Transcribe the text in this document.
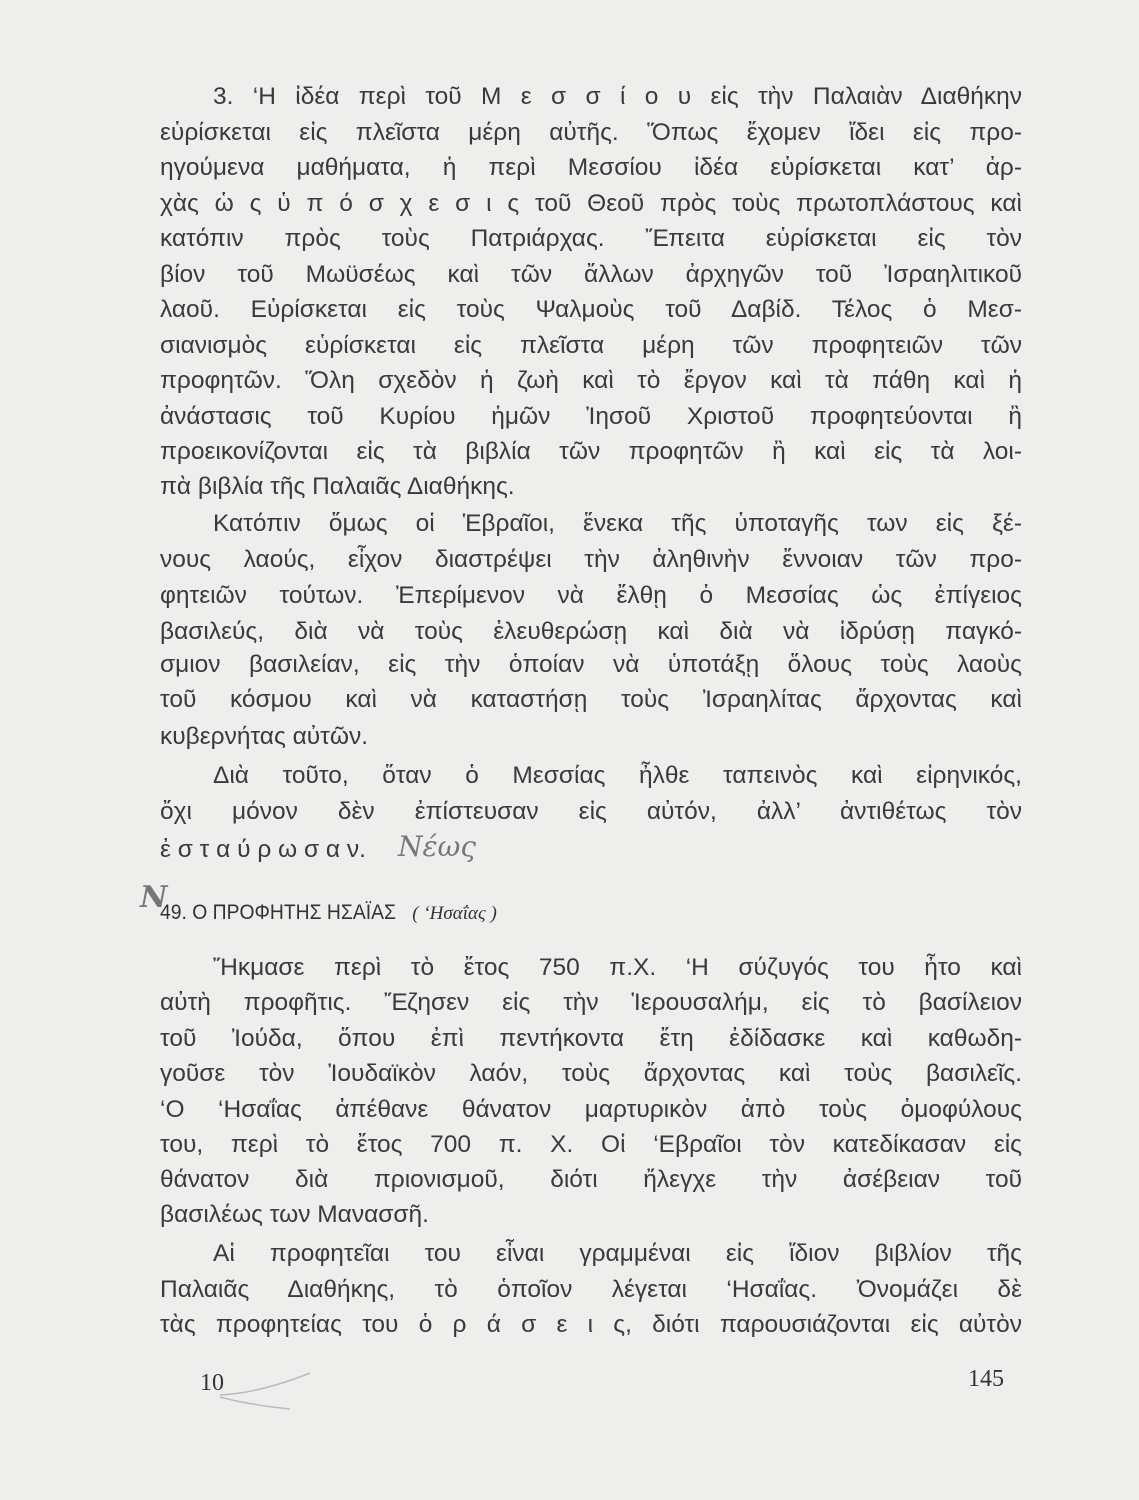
49. Ο ΠΡΟΦΗΤΗΣ ΗΣΑΪΑΣ ( ‘Ησαΐας )
Νέως
Ν
10	145
3. ‘Η ἰδέα περὶ τοῦ Μ ε σ σ ί ο υ εἰς τὴν Παλαιὰν Διαθήκην
εὑρίσκεται εἰς πλεῖστα μέρη αὐτῆς. Ὅπως ἔχομεν ἴδει εἰς προ-
ηγούμενα μαθήματα, ἡ περὶ Μεσσίου ἰδέα εὑρίσκεται κατ’ ἀρ-
χὰς ὡ ς ὑ π ό σ χ ε σ ι ς τοῦ Θεοῦ πρὸς τοὺς πρωτοπλάστους καὶ
κατόπιν πρὸς τοὺς Πατριάρχας. Ἔπειτα εὑρίσκεται εἰς τὸν
βίον τοῦ Μωϋσέως καὶ τῶν ἄλλων ἀρχηγῶν τοῦ Ἰσραηλιτικοῦ
λαοῦ. Εὑρίσκεται εἰς τοὺς Ψαλμοὺς τοῦ Δαβίδ. Τέλος ὁ Μεσ-
σιανισμὸς εὑρίσκεται εἰς πλεῖστα μέρη τῶν προφητειῶν τῶν
προφητῶν. Ὅλη σχεδὸν ἡ ζωὴ καὶ τὸ ἔργον καὶ τὰ πάθη καὶ ἡ
ἀνάστασις τοῦ Κυρίου ἡμῶν Ἰησοῦ Χριστοῦ προφητεύονται ἢ
προεικονίζονται εἰς τὰ βιβλία τῶν προφητῶν ἢ καὶ εἰς τὰ λοι-
πὰ βιβλία τῆς Παλαιᾶς Διαθήκης.
Κατόπιν ὅμως οἱ Ἑβραῖοι, ἕνεκα τῆς ὑποταγῆς των εἰς ξέ-
νους λαούς, εἶχον διαστρέψει τὴν ἀληθινὴν ἔννοιαν τῶν προ-
φητειῶν τούτων. Ἐπερίμενον νὰ ἔλθῃ ὁ Μεσσίας ὡς ἐπίγειος
βασιλεύς, διὰ νὰ τοὺς ἐλευθερώσῃ καὶ διὰ νὰ ἱδρύσῃ παγκό-
σμιον βασιλείαν, εἰς τὴν ὁποίαν νὰ ὑποτάξῃ ὅλους τοὺς λαοὺς
τοῦ κόσμου καὶ νὰ καταστήσῃ τοὺς Ἰσραηλίτας ἄρχοντας καὶ
κυβερνήτας αὐτῶν.
Διὰ τοῦτο, ὅταν ὁ Μεσσίας ἦλθε ταπεινὸς καὶ εἰρηνικός,
ὄχι μόνον δὲν ἐπίστευσαν εἰς αὐτόν, ἀλλ’ ἀντιθέτως τὸν
ἐ σ τ α ύ ρ ω σ α ν.
Ἤκμασε περὶ τὸ ἔτος 750 π.Χ. ‘Η σύζυγός του ἦτο καὶ
αὐτὴ προφῆτις. Ἔζησεν εἰς τὴν Ἱερουσαλήμ, εἰς τὸ βασίλειον
τοῦ Ἰούδα, ὅπου ἐπὶ πεντήκοντα ἔτη ἐδίδασκε καὶ καθωδη-
γοῦσε τὸν Ἰουδαϊκὸν λαόν, τοὺς ἄρχοντας καὶ τοὺς βασιλεῖς.
‘Ο ‘Ησαΐας ἀπέθανε θάνατον μαρτυρικὸν ἀπὸ τοὺς ὁμοφύλους
του, περὶ τὸ ἔτος 700 π. Χ. Οἱ ‘Εβραῖοι τὸν κατεδίκασαν εἰς
θάνατον διὰ πριονισμοῦ, διότι ἤλεγχε τὴν ἀσέβειαν τοῦ
βασιλέως των Μανασσῆ.
Αἱ προφητεῖαι του εἶναι γραμμέναι εἰς ἴδιον βιβλίον τῆς
Παλαιᾶς Διαθήκης, τὸ ὁποῖον λέγεται ‘Ησαΐας. Ὀνομάζει δὲ
τὰς προφητείας του ὁ ρ ά σ ε ι ς, διότι παρουσιάζονται εἰς αὐτὸν
